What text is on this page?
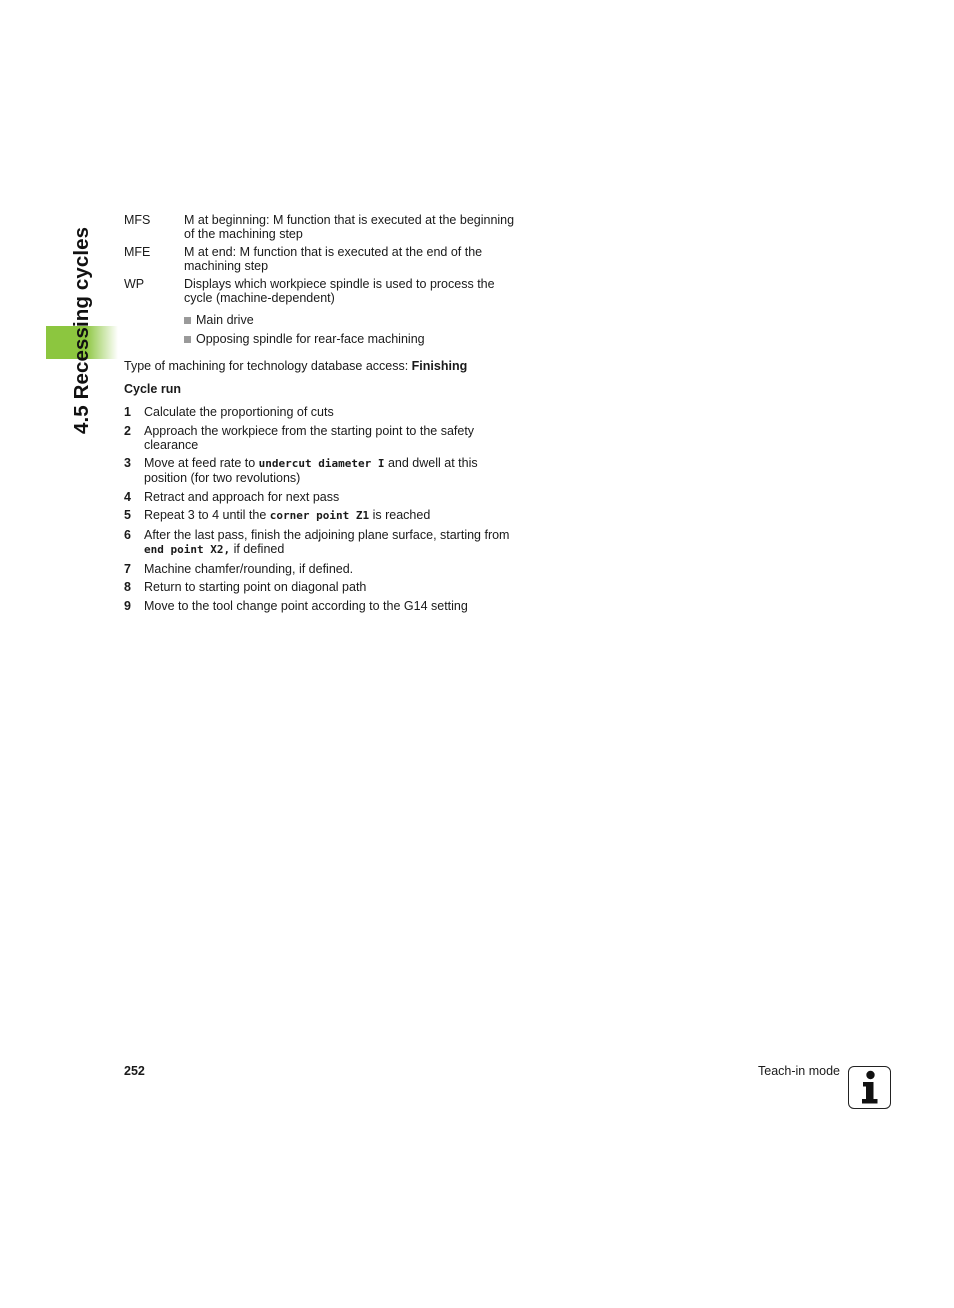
4.5 Recessing cycles
MFS	M at beginning: M function that is executed at the beginning of the machining step
MFE	M at end: M function that is executed at the end of the machining step
WP	Displays which workpiece spindle is used to process the cycle (machine-dependent)
Main drive
Opposing spindle for rear-face machining
Type of machining for technology database access: Finishing
Cycle run
1	Calculate the proportioning of cuts
2	Approach the workpiece from the starting point to the safety clearance
3	Move at feed rate to undercut diameter I and dwell at this position (for two revolutions)
4	Retract and approach for next pass
5	Repeat 3 to 4 until the corner point Z1 is reached
6	After the last pass, finish the adjoining plane surface, starting from end point X2, if defined
7	Machine chamfer/rounding, if defined.
8	Return to starting point on diagonal path
9	Move to the tool change point according to the G14 setting
252	Teach-in mode
